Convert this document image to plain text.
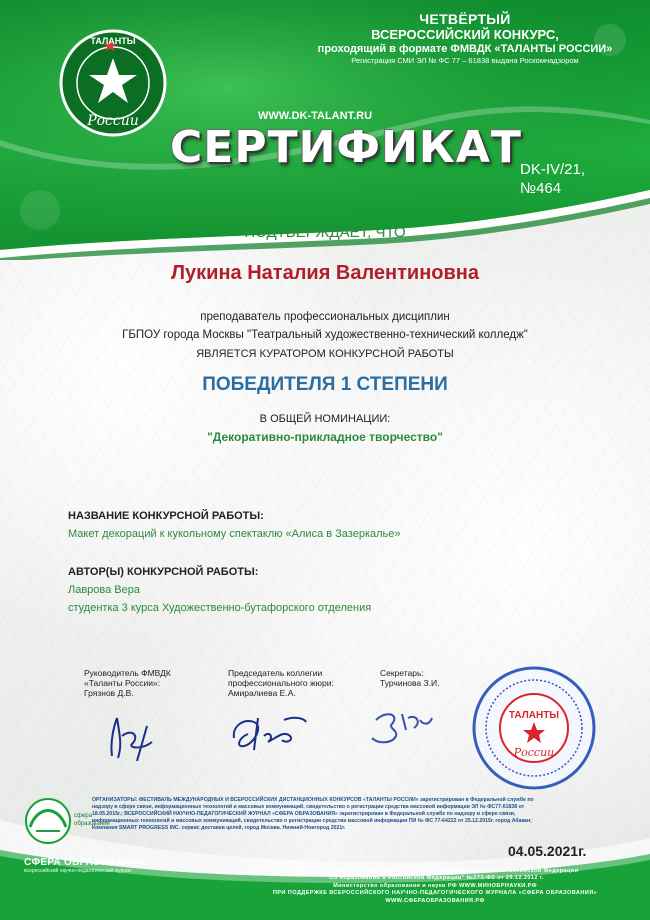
России
ТАЛАНТЫ
ЧЕТВЁРТЫЙ
ВСЕРОССИЙСКИЙ КОНКУРС,
проходящий в формате ФМВДК «ТАЛАНТЫ РОССИИ»
Регистрация СМИ ЭЛ № ФС 77 – 61838 выдана Роскомнадзором
WWW.DK-TALANT.RU
СЕРТИФИКАТ
DK-IV/21,
№464
ПОДТВЕРЖДАЕТ, ЧТО
Лукина Наталия Валентиновна
преподаватель профессиональных дисциплин
ГБПОУ города Москвы "Театральный художественно-технический колледж"
ЯВЛЯЕТСЯ КУРАТОРОМ КОНКУРСНОЙ РАБОТЫ
ПОБЕДИТЕЛЯ 1 СТЕПЕНИ
В ОБЩЕЙ НОМИНАЦИИ:
"Декоративно-прикладное творчество"
НАЗВАНИЕ КОНКУРСНОЙ РАБОТЫ:
Макет декораций к кукольному спектаклю «Алиса в Зазеркалье»
АВТОР(Ы) КОНКУРСНОЙ РАБОТЫ:
Лаврова Вера
студентка 3 курса Художественно-бутафорского отделения
Руководитель ФМВДК
«Таланты России»:
Грязнов Д.В.
Председатель коллегии
профессионального жюри:
Амиралиева Е.А.
Секретарь:
Турчинова З.И.
ТАЛАНТЫ
России
сфера
образования
СФЕРА ОБРАЗОВАНИЯ
всероссийский научно-педагогический журнал
ОРГАНИЗАТОРЫ: ФЕСТИВАЛЬ МЕЖДУНАРОДНЫХ И ВСЕРОССИЙСКИХ ДИСТАНЦИОННЫХ КОНКУРСОВ «ТАЛАНТЫ РОССИИ» зарегистрирован в Федеральной службе по надзору в сфере связи, информационных технологий и массовых коммуникаций, свидетельство о регистрации средства массовой информации ЭЛ № ФС77-61838 от 18.05.2015г.; ВСЕРОССИЙСКИЙ НАУЧНО-ПЕДАГОГИЧЕСКИЙ ЖУРНАЛ «СФЕРА ОБРАЗОВАНИЯ» зарегистрирован в Федеральной службе по надзору в сфере связи, информационных технологий и массовых коммуникаций, свидетельство о регистрации средства массовой информации ПИ № ФС 77-64222 от 25.12.2015г. город Абакан; Компания SMART PROGRESS INC. сервис доставки целей, город Москва. Нижний-Новгород 2021г.
04.05.2021г.
Конкурс проведен в соответствии с ч.2 ст.77 Федерального закона Российской Федерации
"Об образовании в Российской Федерации" №273-ФЗ от 29.12.2012 г.
Министерство образования и науки РФ WWW.МИНОБРНАУКИ.РФ
ПРИ ПОДДЕРЖКЕ ВСЕРОССИЙСКОГО НАУЧНО-ПЕДАГОГИЧЕСКОГО ЖУРНАЛА «СФЕРА ОБРАЗОВАНИЯ» WWW.СФЕРАОБРАЗОВАНИЯ.РФ
